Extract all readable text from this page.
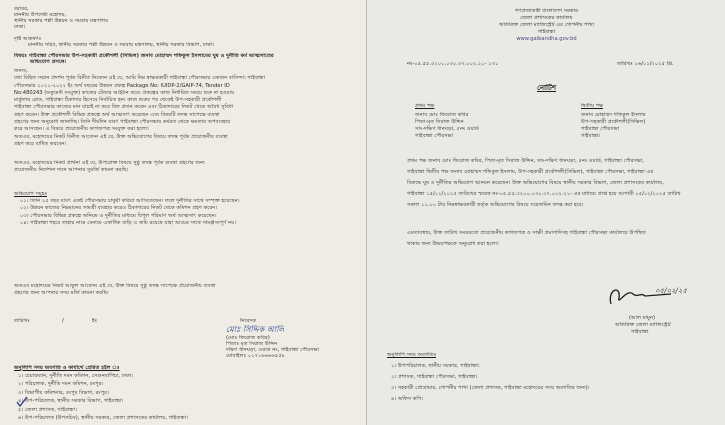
বরাবর,
মাননীয় উপদেষ্টা মহোদয়,
স্থানীয় সরকার পল্লী উন্নয়ন ও সমবায় মন্ত্রণালয়
ঢাকা।
দৃষ্টি আকর্ষণঃ
মাননীয় সচিব, স্থানীয় সরকার পল্লী উন্নয়ন ও সমবায় মন্ত্রণালয়, স্থানীয় সরকার বিভাগ, ঢাকা।
বিষয়ঃ গাইবান্ধা পৌরসভার উপ-সহকারী প্রকৌশলী (সিভিল) জনাব মোহাম্মদ শফিকুল ইসলামের ঘুষ ও দুর্নীতি কর্ম আত্মসাতের
অভিযোগ প্রসঙ্গে।
জনাব,
যথা বিহিত সম্মান প্রদর্শন পূর্বক বিনীত নিবেদন এই যে, আমি নিম্ন স্বাক্ষরকারী গাইবান্ধা পৌরসভার একজন বাসিন্দা। গাইবান্ধা
পৌরসভার ২০২১-২০২২ ইং অর্থ বছরের উন্নয়ন প্রকল্প Package No: IUIDP-2/GAIP-74, Tender ID
No:480243 (ডকুমেন্ট সংযুক্ত) কাজের টেন্ডার আহ্বান করে। প্রকল্পের কাজ নির্ধারিত সময়ে শুরু না হওয়ায়
মার্কুলার রোড, গাইবান্ধা ঠিকাদার হিসেবে নির্বাচিত হন। কাজ শুরুর পর থেকেই উপ-সহকারী প্রকৌশলী
গাইবান্ধা পৌরসভার কাজের মান যাচাই না করে বিল প্রদান করেন এবং ঠিকাদারের নিকট থেকে অবৈধ সুবিধা
গ্রহণ করেন। উক্ত প্রকৌশলী বিভিন্ন প্রকল্পে অর্থ আত্মসাৎ করেছেন এবং বিষয়টি তদন্ত সাপেক্ষে ব্যবস্থা
গ্রহণের জন্য অনুরোধ জানাচ্ছি। তিনি দীর্ঘদিন যাবৎ গাইবান্ধা পৌরসভায় কর্মরত থেকে ক্ষমতার অপব্যবহার
করে আসছেন। এ বিষয়ে প্রয়োজনীয় কাগজপত্র সংযুক্ত করা হলো।
অতএব, মহোদয়ের নিকট বিনীত আবেদন এই যে, উক্ত অভিযোগের বিষয়ে তদন্ত পূর্বক প্রয়োজনীয় ব্যবস্থা
গ্রহণ করে বাধিত করবেন।
অতএব, মহোদয়ের নিকট প্রার্থনা এই যে, উপরোক্ত বিষয়ে সুষ্ঠু তদন্ত পূর্বক ব্যবস্থা গ্রহণের জন্য
প্রয়োজনীয় নির্দেশনা দানে আপনার সুমর্জি কামনা করছি।
অভিযোগ সমূহঃ
০১। তিনি ২৫ বছর যাবৎ একই পৌরসভায় চাকুরী করিয়া আসিতেছেন। ফলে দুর্নীতির সাথে সম্পৃক্ত হয়েছেন।
০২। উন্নয়ন কাজের নিম্নমানের সামগ্রী ব্যবহার করেও ঠিকাদারের নিকট থেকে কমিশন গ্রহণ করেন।
০৩। পৌরসভার বিভিন্ন প্রকল্পে অনিয়ম ও দুর্নীতির মাধ্যমে বিপুল পরিমাণ অর্থ আত্মসাৎ করেছেন।
০৪। গাইবান্ধা শহরে তাহার নামে বেনামে একাধিক বাড়ি ও জমি রয়েছে যাহা আয়ের সাথে সামঞ্জস্যপূর্ণ নয়।
অতএব মহোদয়ের নিকট আকুল আবেদন এই যে, উক্ত বিষয়ে সুষ্ঠু তদন্ত সাপেক্ষে প্রয়োজনীয় ব্যবস্থা
গ্রহণের জন্য আপনার সদয় মর্জি কামনা করছি।
তারিখঃ	/	ইং	নিবেদক
মোঃ সিদ্দিক আলি
(মোঃ ফিরোজ কবির)
পিতাঃ মৃত সিরাজ উদ্দিন
দক্ষিণ ধানঘড়া, ওয়ার্ড নং, গাইবান্ধা পৌরসভা
মোবাইলঃ ০১৭১৬৬৬৬৫৫৮
অনুলিপি সদয় অবগতি ও কার্যার্থে প্রেরিত হইল ঃ
১। চেয়ারম্যান, দুর্নীতি দমন কমিশন, সেগুনবাগিচা, ঢাকা।
২। পরিচালক, দুর্নীতি দমন কমিশন, রংপুর।
৩। বিভাগীয় কমিশনার, রংপুর বিভাগ, রংপুর।
৪। উপ-পরিচালক, স্থানীয় সরকার বিভাগ, গাইবান্ধা।
৫। জেলা প্রশাসক, গাইবান্ধা।
৬। উপ-পরিচালক (উপসচিব), স্থানীয় সরকার, জেলা প্রশাসকের কার্যালয়, গাইবান্ধা।
গণপ্রজাতন্ত্রী বাংলাদেশ সরকার
জেলা প্রশাসকের কার্যালয়
অতিরিক্ত জেলা ম্যাজিস্ট্রেট এর গোপনীয় শাখা
গাইবান্ধা
www.gaibandha.gov.bd
নং-০৫.৫৫.৩২০০.০৩০.৩৭.০০২.২১- ১৩১	তারিখঃ ০৬/০১/২০২৫ খ্রি.
নোটিশ
প্রথম পক্ষ
জনাব মোঃ ফিরোজ কবির
পিতা-মৃত সিরাজ উদ্দিন
সাং-দক্ষিণ ধানঘড়া, ৫নং ওয়ার্ড
গাইবান্ধা পৌরসভা
দ্বিতীয় পক্ষ
জনাব মোহাম্মদ শফিকুল ইসলাম
উপ-সহকারী প্রকৌশলী(সিভিল)
গাইবান্ধা পৌরসভা
গাইবান্ধা।
প্রথম পক্ষ জনাব মোঃ ফিরোজ কবির, পিতা-মৃত সিরাজ উদ্দিন, সাং-দক্ষিণ ধানঘড়া, ৫নং ওয়ার্ড, গাইবান্ধা পৌরসভা,
গাইবান্ধা দ্বিতীয় পক্ষ জনাব মোহাম্মদ শফিকুল ইসলাম, উপ-সহকারী প্রকৌশলী(সিভিল), গাইবান্ধা পৌরসভা, গাইবান্ধা এর
বিরুদ্ধে ঘুষ ও দুর্নীতির অভিযোগ আনয়ন করেছেন। উক্ত অভিযোগের বিষয়ে স্থানীয় সরকার বিভাগ, জেলা প্রশাসকের কার্যালয়,
গাইবান্ধা ১৫/০১/২০২৫ তারিখের স্মারক নং-০৫.৫৫.৩২০০.০৩০.৩৭.০০২.২১- এর মাধ্যমে প্রাপ্ত হয়ে আগামী ০৫/০২/২০২৫ তারিখ
সকাল ১০.০০ টায় নিম্নস্বাক্ষরকারী কর্তৃক অভিযোগের বিষয়ে সরেজমিন তদন্ত করা হবে।
এমতাবস্থায়, উক্ত তারিখ সময়মতো প্রয়োজনীয় কাগজপত্র ও সাক্ষী প্রমাণাদিসহ গাইবান্ধা পৌরসভা কার্যালয়ে উপস্থিত
থাকার জন্য উভয়পক্ষকে অনুরোধ করা হলো।
০৫/০২/২৫
(আল মামুন)
অতিরিক্ত জেলা ম্যাজিস্ট্রেট
গাইবান্ধা
অনুলিপি সদয় অবগতিঃ
১। উপপরিচালক, স্থানীয় সরকার, গাইবান্ধা।
২। প্রশাসক, গাইবান্ধা পৌরসভা, গাইবান্ধা।
৩। সহকারী প্রোগ্রামার, গোপনীয় শাখা (জেলা প্রশাসক, গাইবান্ধা মহোদয়ের সদয় অবগতির জন্য)।
৪। অফিস কপি।
